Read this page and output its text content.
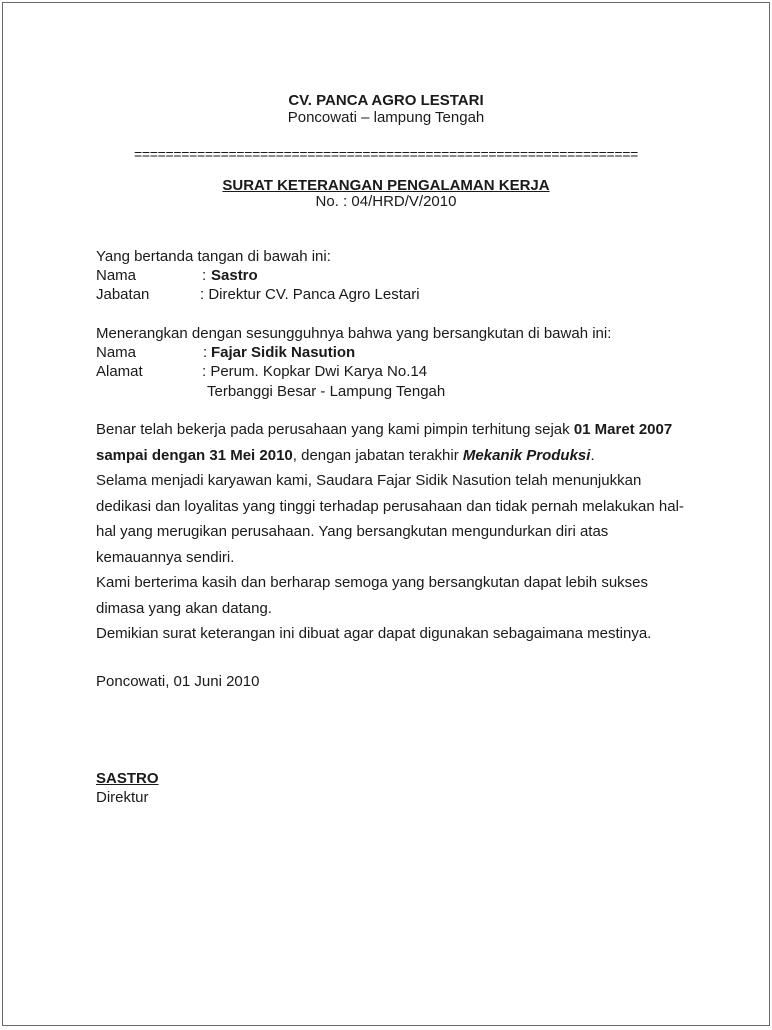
CV. PANCA AGRO LESTARI
Poncowati – lampung Tengah
================================================================
SURAT KETERANGAN PENGALAMAN KERJA
No. : 04/HRD/V/2010
Yang bertanda tangan di bawah ini:
Nama	: Sastro
Jabatan	: Direktur CV. Panca Agro Lestari
Menerangkan dengan sesungguhnya bahwa yang bersangkutan di bawah ini:
Nama	: Fajar Sidik Nasution
Alamat	: Perum. Kopkar Dwi Karya No.14
Terbanggi Besar - Lampung Tengah

Benar telah bekerja pada perusahaan yang kami pimpin terhitung sejak 01 Maret 2007 sampai dengan 31 Mei 2010, dengan jabatan terakhir Mekanik Produksi.

Selama menjadi karyawan kami, Saudara Fajar Sidik Nasution telah menunjukkan dedikasi dan loyalitas yang tinggi terhadap perusahaan dan tidak pernah melakukan hal-hal yang merugikan perusahaan. Yang bersangkutan mengundurkan diri atas kemauannya sendiri.

Kami berterima kasih dan berharap semoga yang bersangkutan dapat lebih sukses dimasa yang akan datang.

Demikian surat keterangan ini dibuat agar dapat digunakan sebagaimana mestinya.

Poncowati, 01 Juni 2010
SASTRO
Direktur
